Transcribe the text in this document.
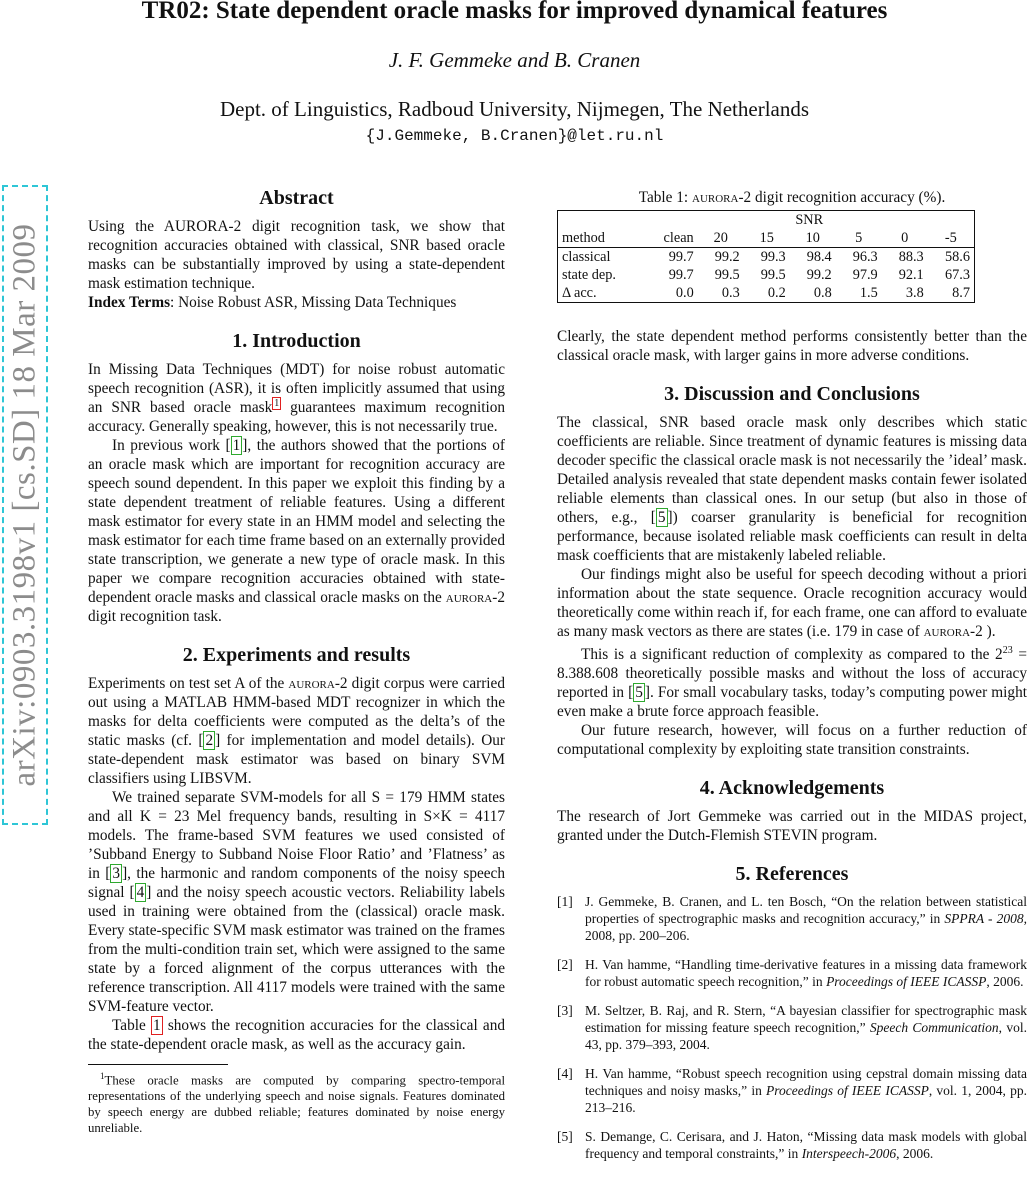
TR02: State dependent oracle masks for improved dynamical features
J. F. Gemmeke and B. Cranen
Dept. of Linguistics, Radboud University, Nijmegen, The Netherlands
{J.Gemmeke, B.Cranen}@let.ru.nl
arXiv:0903.3198v1 [cs.SD] 18 Mar 2009
Abstract

Using the AURORA-2 digit recognition task, we show that recognition accuracies obtained with classical, SNR based oracle masks can be substantially improved by using a state-dependent mask estimation technique.

Index Terms: Noise Robust ASR, Missing Data Techniques

1. Introduction

In Missing Data Techniques (MDT) for noise robust automatic speech recognition (ASR), it is often implicitly assumed that using an SNR based oracle mask $^1$ guarantees maximum recognition accuracy. Generally speaking, however, this is not necessarily true.

In previous work [ 1 ], the authors showed that the portions of an oracle mask which are important for recognition accuracy are speech sound dependent. In this paper we exploit this finding by a state dependent treatment of reliable features. Using a different mask estimator for every state in an HMM model and selecting the mask estimator for each time frame based on an externally provided state transcription, we generate a new type of oracle mask. In this paper we compare recognition accuracies obtained with state-dependent oracle masks and classical oracle masks on the aurora-2 digit recognition task.

2. Experiments and results

Experiments on test set A of the aurora-2 digit corpus were carried out using a MATLAB HMM-based MDT recognizer in which the masks for delta coefficients were computed as the delta’s of the static masks (cf. [ 2 ] for implementation and model details). Our state-dependent mask estimator was based on binary SVM classifiers using LIBSVM.

We trained separate SVM-models for all S = 179 HMM states and all K = 23 Mel frequency bands, resulting in S×K = 4117 models. The frame-based SVM features we used consisted of ’Subband Energy to Subband Noise Floor Ratio’ and ’Flatness’ as in [ 3 ], the harmonic and random components of the noisy speech signal [ 4 ] and the noisy speech acoustic vectors. Reliability labels used in training were obtained from the (classical) oracle mask. Every state-specific SVM mask estimator was trained on the frames from the multi-condition train set, which were assigned to the same state by a forced alignment of the corpus utterances with the reference transcription. All 4117 models were trained with the same SVM-feature vector.

Table 1 shows the recognition accuracies for the classical and the state-dependent oracle mask, as well as the accuracy gain.

$^1$These oracle masks are computed by comparing spectro-temporal representations of the underlying speech and noise signals. Features dominated by speech energy are dubbed reliable; features dominated by noise energy unreliable.
Table 1: aurora-2 digit recognition accuracy (%).
	SNR						
method	clean	20	15	10	5	0	-5
classical	99.7	99.2	99.3	98.4	96.3	88.3	58.6
state dep.	99.7	99.5	99.5	99.2	97.9	92.1	67.3
Δ acc.	0.0	0.3	0.2	0.8	1.5	3.8	8.7

Clearly, the state dependent method performs consistently better than the classical oracle mask, with larger gains in more adverse conditions.

3. Discussion and Conclusions

The classical, SNR based oracle mask only describes which static coefficients are reliable. Since treatment of dynamic features is missing data decoder specific the classical oracle mask is not necessarily the ’ideal’ mask. Detailed analysis revealed that state dependent masks contain fewer isolated reliable elements than classical ones. In our setup (but also in those of others, e.g., [ 5 ]) coarser granularity is beneficial for recognition performance, because isolated reliable mask coefficients can result in delta mask coefficients that are mistakenly labeled reliable.

Our findings might also be useful for speech decoding without a priori information about the state sequence. Oracle recognition accuracy would theoretically come within reach if, for each frame, one can afford to evaluate as many mask vectors as there are states (i.e. 179 in case of aurora-2 ).

This is a significant reduction of complexity as compared to the $2^{23} = 8.388.608$ theoretically possible masks and without the loss of accuracy reported in [ 5 ]. For small vocabulary tasks, today’s computing power might even make a brute force approach feasible.

Our future research, however, will focus on a further reduction of computational complexity by exploiting state transition constraints.

4. Acknowledgements

The research of Jort Gemmeke was carried out in the MIDAS project, granted under the Dutch-Flemish STEVIN program.

5. References
[1] J. Gemmeke, B. Cranen, and L. ten Bosch, “On the relation between statistical properties of spectrographic masks and recognition accuracy,” in SPPRA - 2008, 2008, pp. 200–206.
[2] H. Van hamme, “Handling time-derivative features in a missing data framework for robust automatic speech recognition,” in Proceedings of IEEE ICASSP, 2006.
[3] M. Seltzer, B. Raj, and R. Stern, “A bayesian classifier for spectrographic mask estimation for missing feature speech recognition,” Speech Communication, vol. 43, pp. 379–393, 2004.
[4] H. Van hamme, “Robust speech recognition using cepstral domain missing data techniques and noisy masks,” in Proceedings of IEEE ICASSP, vol. 1, 2004, pp. 213–216.
[5] S. Demange, C. Cerisara, and J. Haton, “Missing data mask models with global frequency and temporal constraints,” in Interspeech-2006, 2006.
